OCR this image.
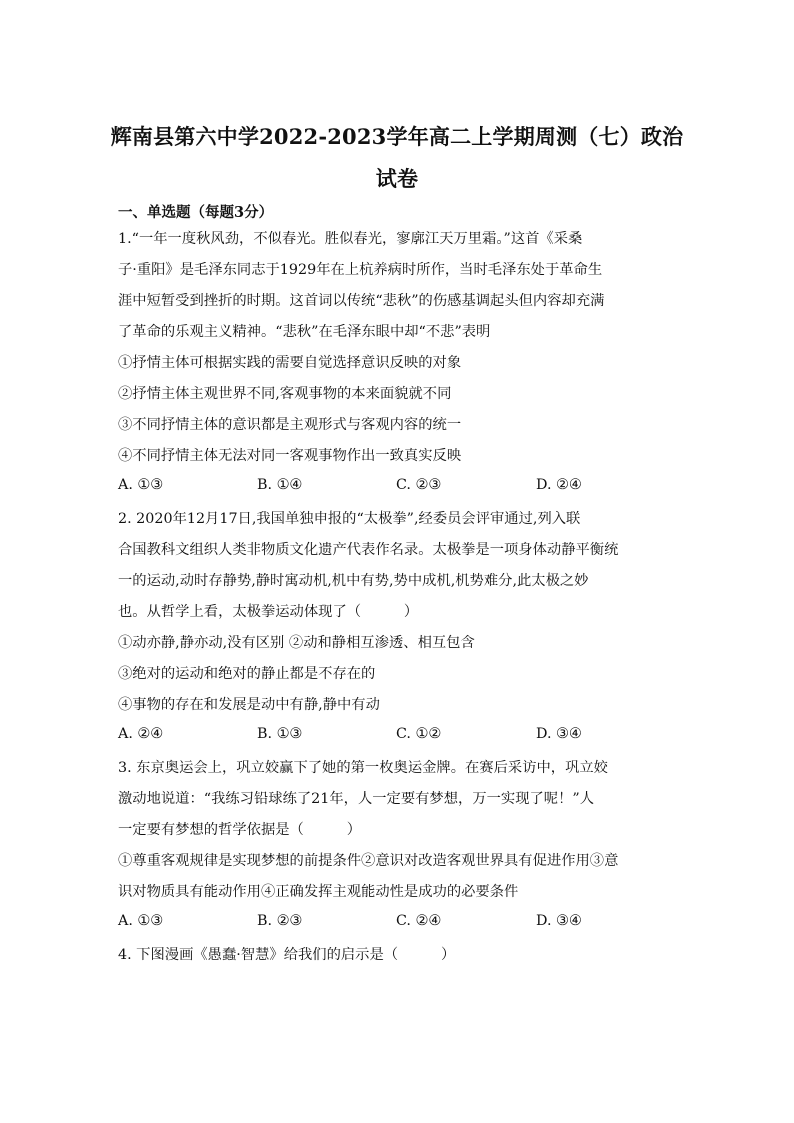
辉南县第六中学2022-2023学年高二上学期周测（七）政治
试卷
一、单选题（每题3分）
1.“一年一度秋风劲，不似春光。胜似春光，寥廓江天万里霜。”这首《采桑
子·重阳》是毛泽东同志于1929年在上杭养病时所作，当时毛泽东处于革命生
涯中短暂受到挫折的时期。这首词以传统“悲秋”的伤感基调起头但内容却充满
了革命的乐观主义精神。“悲秋”在毛泽东眼中却“不悲”表明
①抒情主体可根据实践的需要自觉选择意识反映的对象
②抒情主体主观世界不同,客观事物的本来面貌就不同
③不同抒情主体的意识都是主观形式与客观内容的统一
④不同抒情主体无法对同一客观事物作出一致真实反映
A. ①③	B. ①④	C. ②③	D. ②④
2. 2020年12月17日,我国单独申报的“太极拳”,经委员会评审通过,列入联
合国教科文组织人类非物质文化遗产代表作名录。太极拳是一项身体动静平衡统
一的运动,动时存静势,静时寓动机,机中有势,势中成机,机势难分,此太极之妙
也。从哲学上看，太极拳运动体现了（　　　）
①动亦静,静亦动,没有区别 ②动和静相互渗透、相互包含
③绝对的运动和绝对的静止都是不存在的
④事物的存在和发展是动中有静,静中有动
A. ②④	B. ①③	C. ①②	D. ③④
3. 东京奥运会上，巩立姣赢下了她的第一枚奥运金牌。在赛后采访中，巩立姣
激动地说道：“我练习铅球练了21年，人一定要有梦想，万一实现了呢！”人
一定要有梦想的哲学依据是（　　　）
①尊重客观规律是实现梦想的前提条件②意识对改造客观世界具有促进作用③意
识对物质具有能动作用④正确发挥主观能动性是成功的必要条件
A. ①③	B. ②③	C. ②④	D. ③④
4. 下图漫画《愚蠢·智慧》给我们的启示是（　　　）
